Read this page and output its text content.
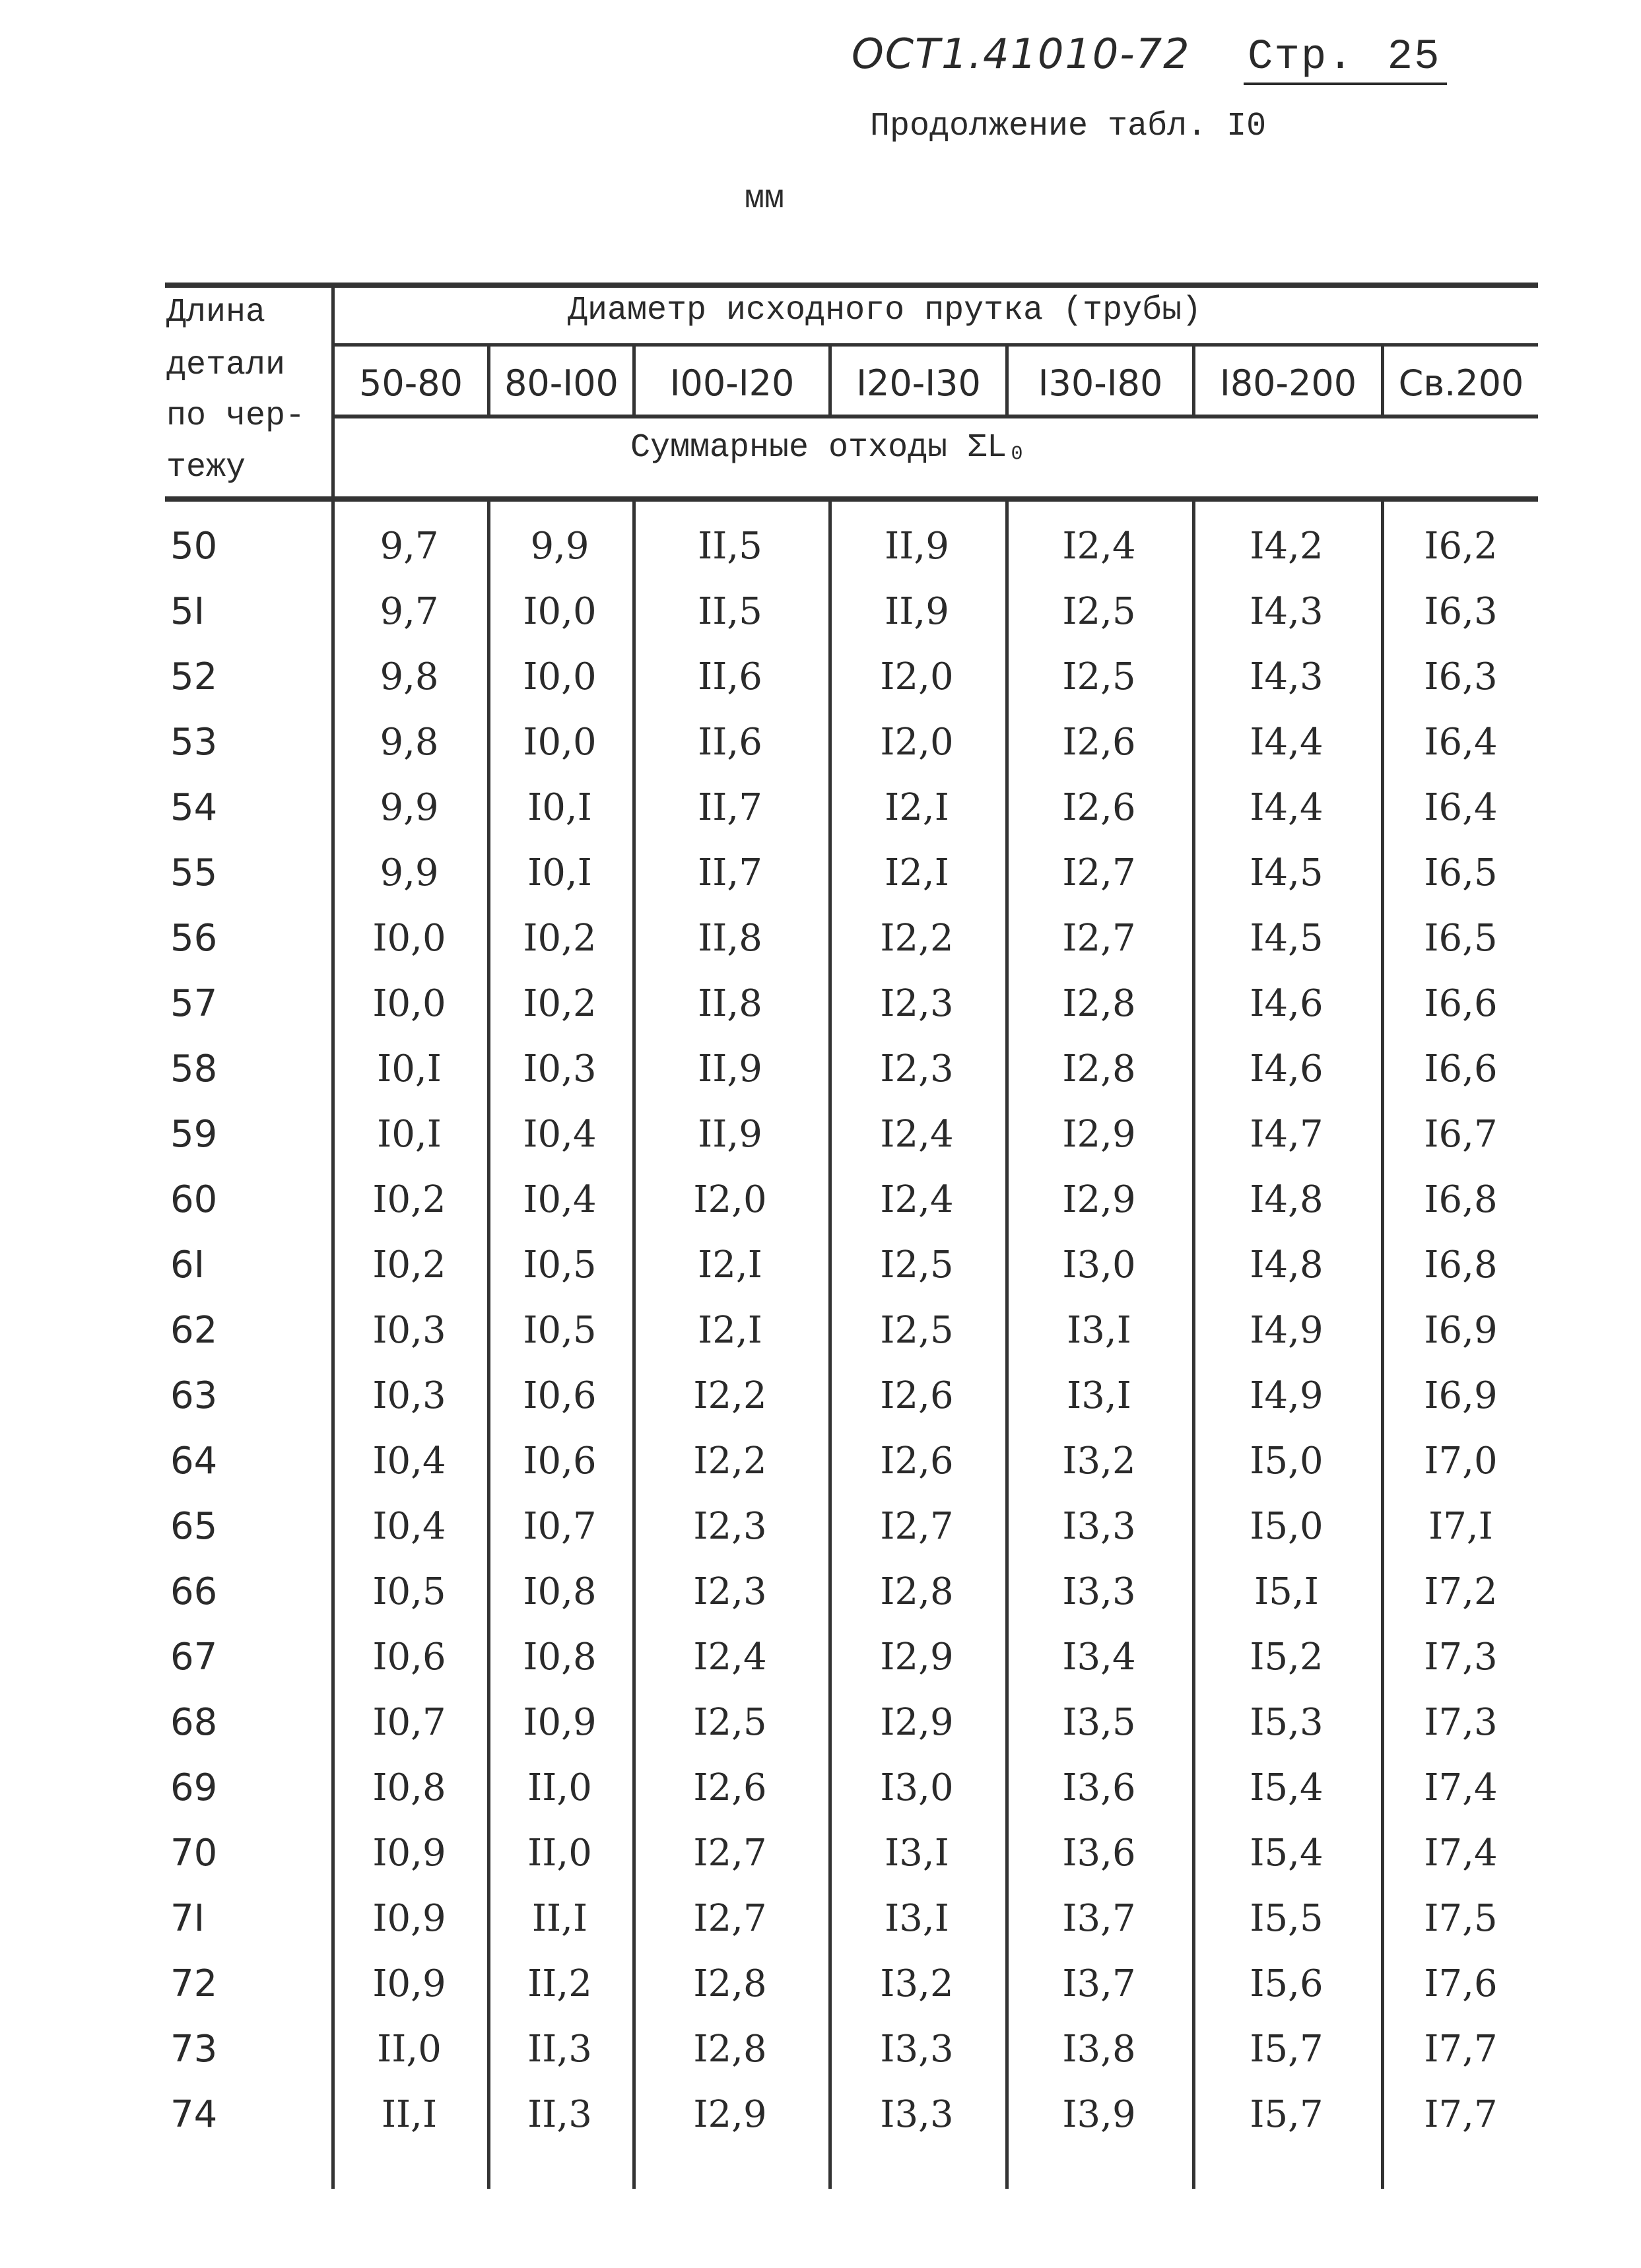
OCT1.41010-72 Стр. 25
Продолжение табл. I0
мм
Длина
детали
по чер-
тежу
Диаметр исходного прутка (трубы)
50-80	80-I00	I00-I20	I20-I30	I30-I80	I80-200	Св.200
Суммарные отходы ΣL₀
50	9,7	9,9	II,5	II,9	I2,4	I4,2	I6,2
5I	9,7	I0,0	II,5	II,9	I2,5	I4,3	I6,3
52	9,8	I0,0	II,6	I2,0	I2,5	I4,3	I6,3
53	9,8	I0,0	II,6	I2,0	I2,6	I4,4	I6,4
54	9,9	I0,I	II,7	I2,I	I2,6	I4,4	I6,4
55	9,9	I0,I	II,7	I2,I	I2,7	I4,5	I6,5
56	I0,0	I0,2	II,8	I2,2	I2,7	I4,5	I6,5
57	I0,0	I0,2	II,8	I2,3	I2,8	I4,6	I6,6
58	I0,I	I0,3	II,9	I2,3	I2,8	I4,6	I6,6
59	I0,I	I0,4	II,9	I2,4	I2,9	I4,7	I6,7
60	I0,2	I0,4	I2,0	I2,4	I2,9	I4,8	I6,8
6I	I0,2	I0,5	I2,I	I2,5	I3,0	I4,8	I6,8
62	I0,3	I0,5	I2,I	I2,5	I3,I	I4,9	I6,9
63	I0,3	I0,6	I2,2	I2,6	I3,I	I4,9	I6,9
64	I0,4	I0,6	I2,2	I2,6	I3,2	I5,0	I7,0
65	I0,4	I0,7	I2,3	I2,7	I3,3	I5,0	I7,I
66	I0,5	I0,8	I2,3	I2,8	I3,3	I5,I	I7,2
67	I0,6	I0,8	I2,4	I2,9	I3,4	I5,2	I7,3
68	I0,7	I0,9	I2,5	I2,9	I3,5	I5,3	I7,3
69	I0,8	II,0	I2,6	I3,0	I3,6	I5,4	I7,4
70	I0,9	II,0	I2,7	I3,I	I3,6	I5,4	I7,4
7I	I0,9	II,I	I2,7	I3,I	I3,7	I5,5	I7,5
72	I0,9	II,2	I2,8	I3,2	I3,7	I5,6	I7,6
73	II,0	II,3	I2,8	I3,3	I3,8	I5,7	I7,7
74	II,I	II,3	I2,9	I3,3	I3,9	I5,7	I7,7
